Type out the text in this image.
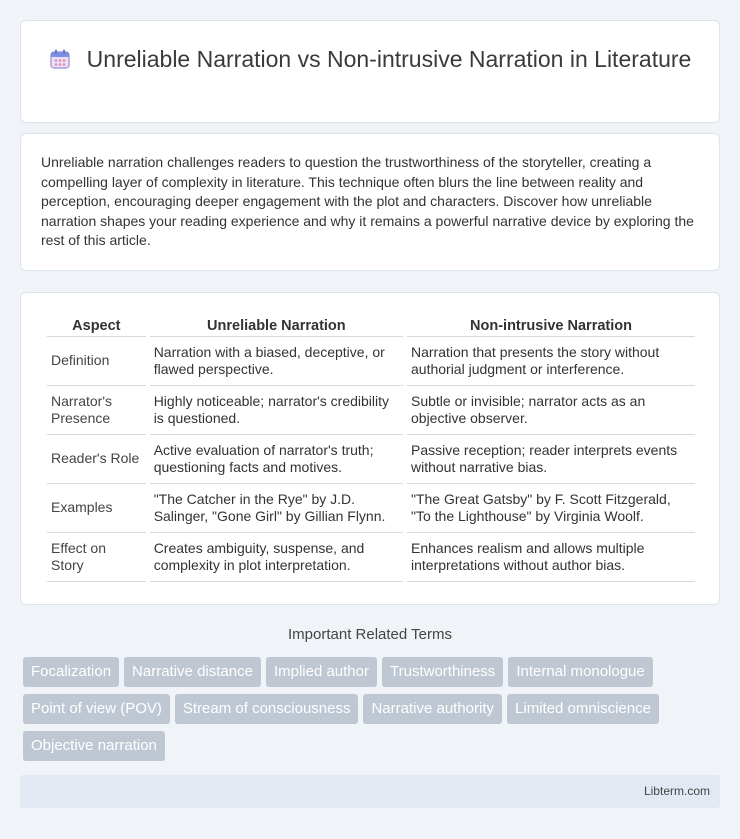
Unreliable Narration vs Non-intrusive Narration in Literature

Unreliable narration challenges readers to question the trustworthiness of the storyteller, creating a compelling layer of complexity in literature. This technique often blurs the line between reality and perception, encouraging deeper engagement with the plot and characters. Discover how unreliable narration shapes your reading experience and why it remains a powerful narrative device by exploring the rest of this article.

Aspect	Unreliable Narration	Non-intrusive Narration
Definition	Narration with a biased, deceptive, or flawed perspective.	Narration that presents the story without authorial judgment or interference.
Narrator's Presence	Highly noticeable; narrator's credibility is questioned.	Subtle or invisible; narrator acts as an objective observer.
Reader's Role	Active evaluation of narrator's truth; questioning facts and motives.	Passive reception; reader interprets events without narrative bias.
Examples	"The Catcher in the Rye" by J.D. Salinger, "Gone Girl" by Gillian Flynn.	"The Great Gatsby" by F. Scott Fitzgerald, "To the Lighthouse" by Virginia Woolf.
Effect on Story	Creates ambiguity, suspense, and complexity in plot interpretation.	Enhances realism and allows multiple interpretations without author bias.
Important Related Terms
Focalization Narrative distance Implied author Trustworthiness Internal monologuePoint of view (POV) Stream of consciousness Narrative authority Limited omniscienceObjective narration
Libterm.com
